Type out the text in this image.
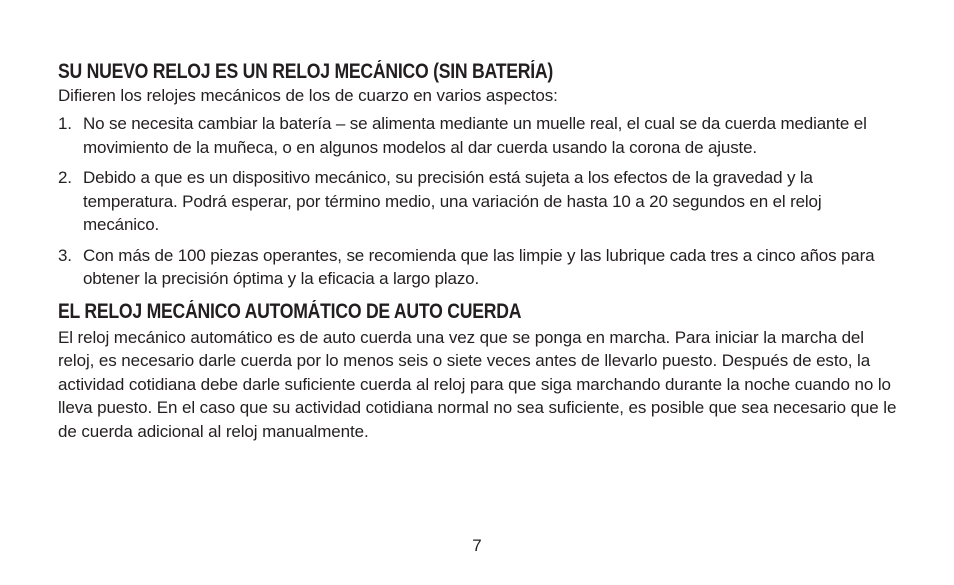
SU NUEVO RELOJ ES UN RELOJ MECÁNICO (SIN BATERÍA)

Difieren los relojes mecánicos de los de cuarzo en varios aspectos:

1. No se necesita cambiar la batería – se alimenta mediante un muelle real, el cual se da cuerda mediante el movimiento de la muñeca, o en algunos modelos al dar cuerda usando la corona de ajuste.
2. Debido a que es un dispositivo mecánico, su precisión está sujeta a los efectos de la gravedad y la temperatura. Podrá esperar, por término medio, una variación de hasta 10 a 20 segundos en el reloj mecánico.
3. Con más de 100 piezas operantes, se recomienda que las limpie y las lubrique cada tres a cinco años para obtener la precisión óptima y la eficacia a largo plazo.
EL RELOJ MECÁNICO AUTOMÁTICO DE AUTO CUERDA

El reloj mecánico automático es de auto cuerda una vez que se ponga en marcha. Para iniciar la marcha del reloj, es necesario darle cuerda por lo menos seis o siete veces antes de llevarlo puesto. Después de esto, la actividad cotidiana debe darle suficiente cuerda al reloj para que siga marchando durante la noche cuando no lo lleva puesto. En el caso que su actividad cotidiana normal no sea suficiente, es posible que sea necesario que le de cuerda adicional al reloj manualmente.

7
